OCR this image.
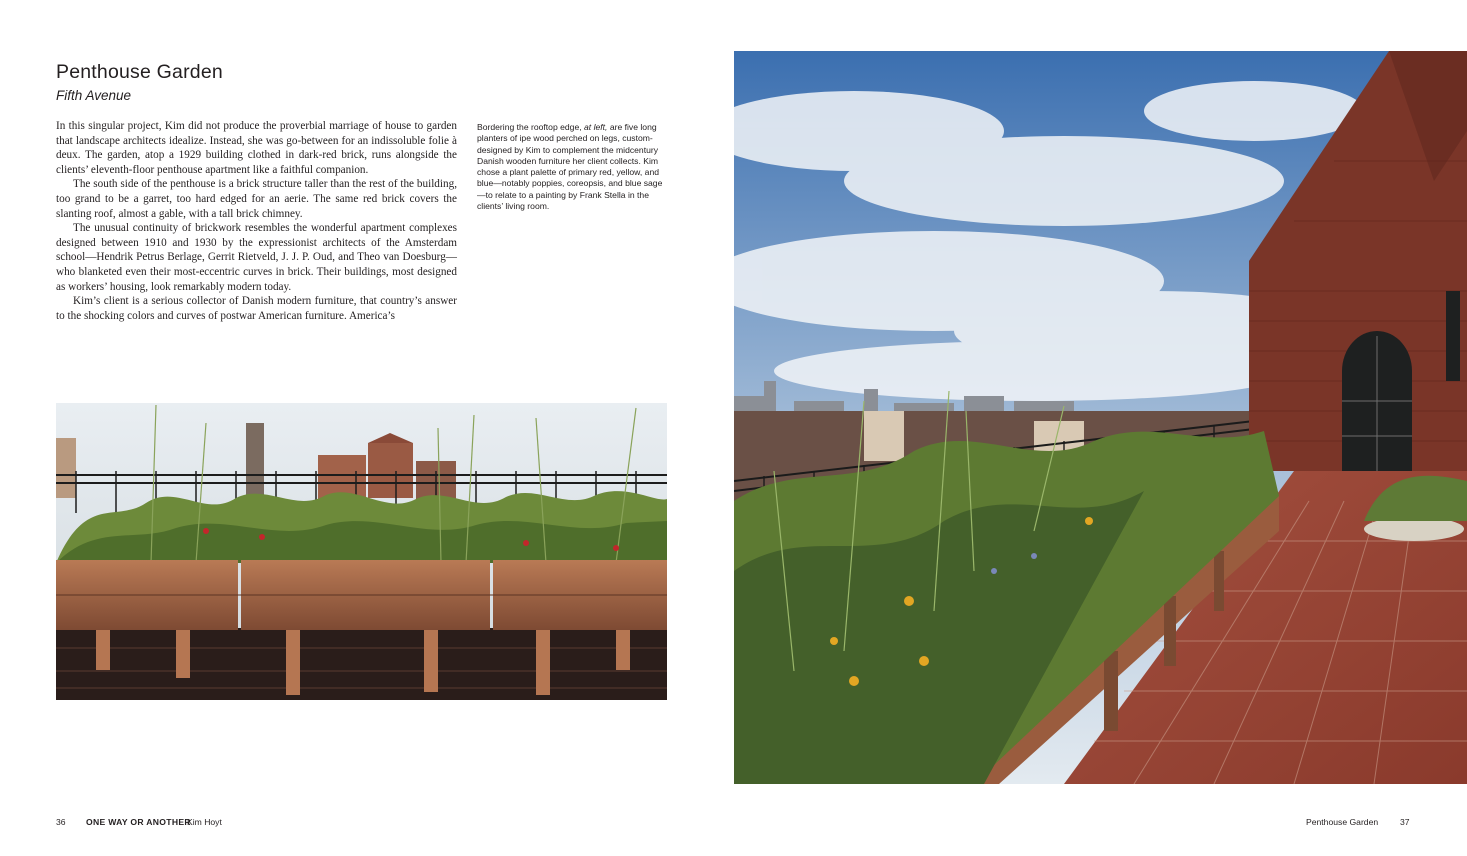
Penthouse Garden
Fifth Avenue

In this singular project, Kim did not produce the proverbial marriage of house to garden that landscape architects idealize. Instead, she was go-between for an indissoluble folie à deux. The garden, atop a 1929 building clothed in dark-red brick, runs alongside the clients’ eleventh-floor penthouse apartment like a faithful companion.

The south side of the penthouse is a brick structure taller than the rest of the building, too grand to be a garret, too hard edged for an aerie. The same red brick covers the slanting roof, almost a gable, with a tall brick chimney.

The unusual continuity of brickwork resembles the wonderful apartment complexes designed between 1910 and 1930 by the expressionist architects of the Amsterdam school—Hendrik Petrus Berlage, Gerrit Rietveld, J. J. P. Oud, and Theo van Doesburg—who blanketed even their most-eccentric curves in brick. Their buildings, most designed as workers’ housing, look remarkably modern today.

Kim’s client is a serious collector of Danish modern furniture, that country’s answer to the shocking colors and curves of postwar American furniture. America’s

Bordering the rooftop edge, at left, are five long planters of ipe wood perched on legs, custom-designed by Kim to complement the midcentury Danish wooden furniture her client collects. Kim chose a plant palette of primary red, yellow, and blue—notably poppies, coreopsis, and blue sage—to relate to a painting by Frank Stella in the clients’ living room.
36 ONE WAY OR ANOTHER
Kim Hoyt	Penthouse Garden	37
